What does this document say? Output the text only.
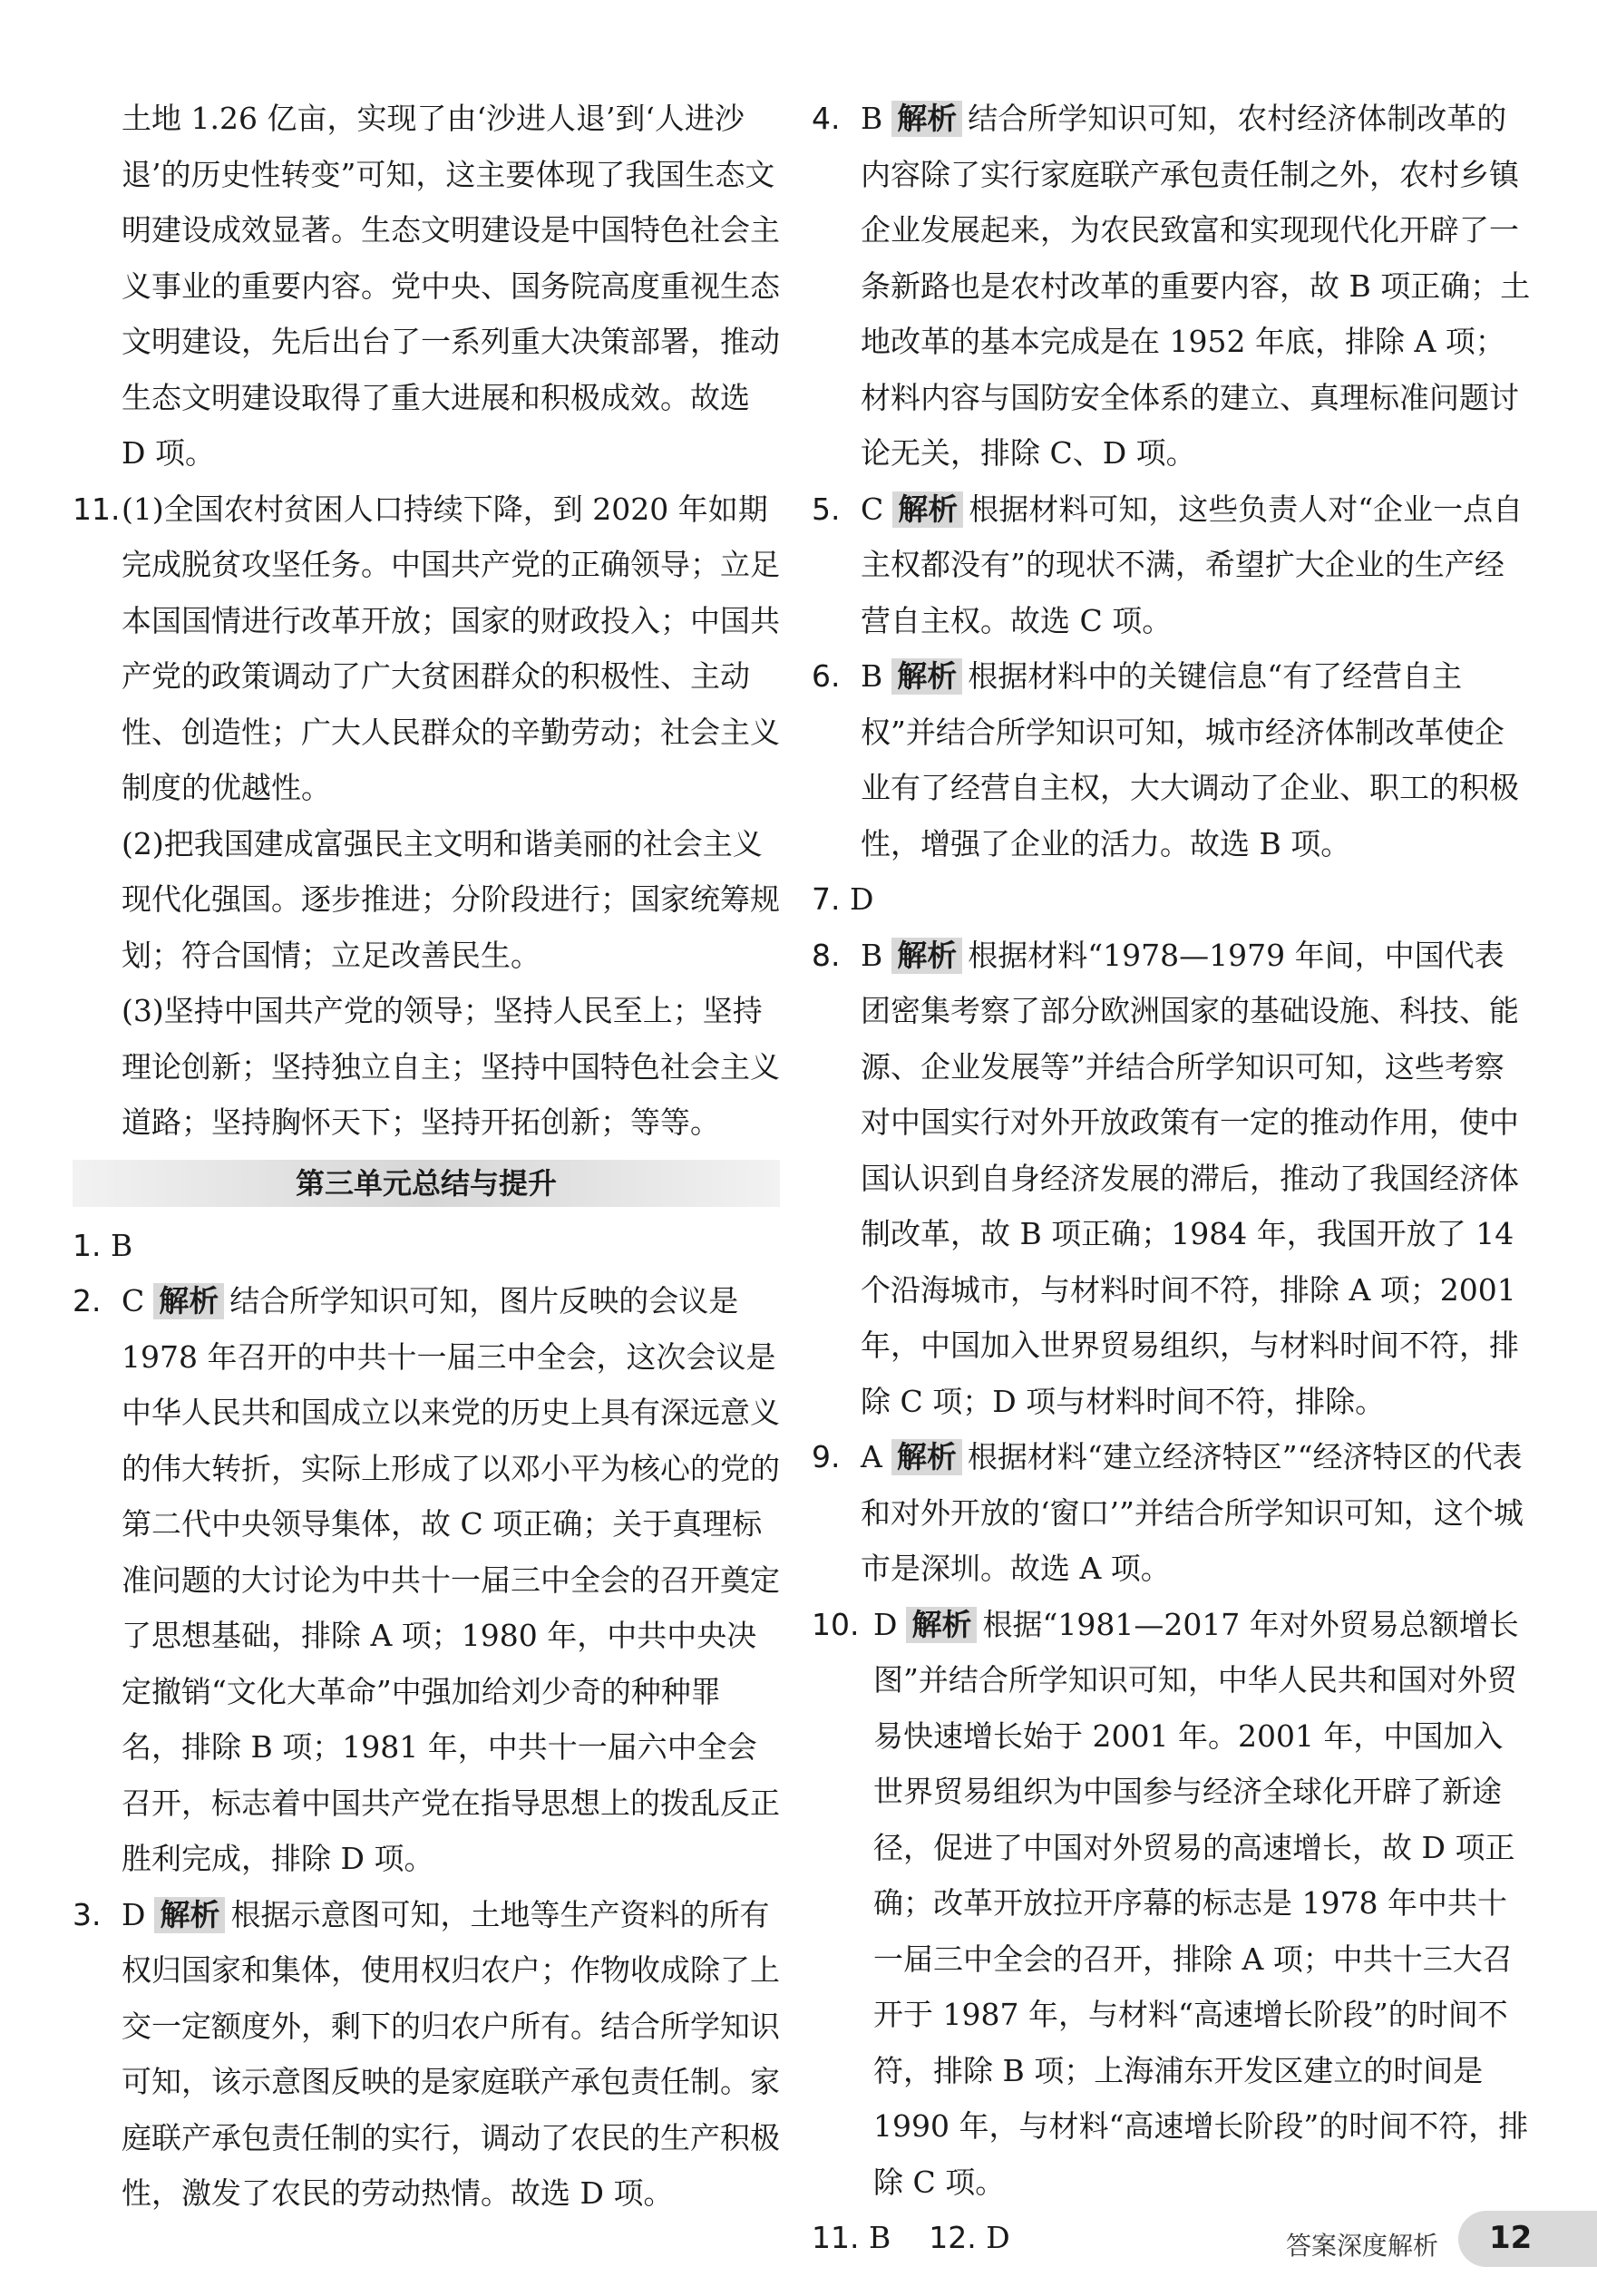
土地 1.26 亿亩，实现了由‘沙进人退’到‘人进沙退’的历史性转变”可知，这主要体现了我国生态文明建设成效显著。生态文明建设是中国特色社会主义事业的重要内容。党中央、国务院高度重视生态文明建设，先后出台了一系列重大决策部署，推动生态文明建设取得了重大进展和积极成效。故选 D 项。

11. (1)全国农村贫困人口持续下降，到 2020 年如期完成脱贫攻坚任务。中国共产党的正确领导；立足本国国情进行改革开放；国家的财政投入；中国共产党的政策调动了广大贫困群众的积极性、主动性、创造性；广大人民群众的辛勤劳动；社会主义制度的优越性。
(2)把我国建成富强民主文明和谐美丽的社会主义现代化强国。逐步推进；分阶段进行；国家统筹规划；符合国情；立足改善民生。
(3)坚持中国共产党的领导；坚持人民至上；坚持理论创新；坚持独立自主；坚持中国特色社会主义道路；坚持胸怀天下；坚持开拓创新；等等。
第三单元总结与提升

1. B

2. C 解析 结合所学知识可知，图片反映的会议是 1978 年召开的中共十一届三中全会，这次会议是中华人民共和国成立以来党的历史上具有深远意义的伟大转折，实际上形成了以邓小平为核心的党的第二代中央领导集体，故 C 项正确；关于真理标准问题的大讨论为中共十一届三中全会的召开奠定了思想基础，排除 A 项；1980 年，中共中央决定撤销“文化大革命”中强加给刘少奇的种种罪名，排除 B 项；1981 年，中共十一届六中全会召开，标志着中国共产党在指导思想上的拨乱反正胜利完成，排除 D 项。
3. D 解析 根据示意图可知，土地等生产资料的所有权归国家和集体，使用权归农户；作物收成除了上交一定额度外，剩下的归农户所有。结合所学知识可知，该示意图反映的是家庭联产承包责任制。家庭联产承包责任制的实行，调动了农民的生产积极性，激发了农民的劳动热情。故选 D 项。
4. B 解析 结合所学知识可知，农村经济体制改革的内容除了实行家庭联产承包责任制之外，农村乡镇企业发展起来，为农民致富和实现现代化开辟了一条新路也是农村改革的重要内容，故 B 项正确；土地改革的基本完成是在 1952 年底，排除 A 项；材料内容与国防安全体系的建立、真理标准问题讨论无关，排除 C、D 项。
5. C 解析 根据材料可知，这些负责人对“企业一点自主权都没有”的现状不满，希望扩大企业的生产经营自主权。故选 C 项。
6. B 解析 根据材料中的关键信息“有了经营自主权”并结合所学知识可知，城市经济体制改革使企业有了经营自主权，大大调动了企业、职工的积极性，增强了企业的活力。故选 B 项。

7. D

8. B 解析 根据材料“1978—1979 年间，中国代表团密集考察了部分欧洲国家的基础设施、科技、能源、企业发展等”并结合所学知识可知，这些考察对中国实行对外开放政策有一定的推动作用，使中国认识到自身经济发展的滞后，推动了我国经济体制改革，故 B 项正确；1984 年，我国开放了 14 个沿海城市，与材料时间不符，排除 A 项；2001 年，中国加入世界贸易组织，与材料时间不符，排除 C 项；D 项与材料时间不符，排除。
9. A 解析 根据材料“建立经济特区”“经济特区的代表和对外开放的‘窗口’”并结合所学知识可知，这个城市是深圳。故选 A 项。
10. D 解析 根据“1981—2017 年对外贸易总额增长图”并结合所学知识可知，中华人民共和国对外贸易快速增长始于 2001 年。2001 年，中国加入世界贸易组织为中国参与经济全球化开辟了新途径，促进了中国对外贸易的高速增长，故 D 项正确；改革开放拉开序幕的标志是 1978 年中共十一届三中全会的召开，排除 A 项；中共十三大召开于 1987 年，与材料“高速增长阶段”的时间不符，排除 B 项；上海浦东开发区建立的时间是 1990 年，与材料“高速增长阶段”的时间不符，排除 C 项。

11. B 12. D	答案深度解析 12
